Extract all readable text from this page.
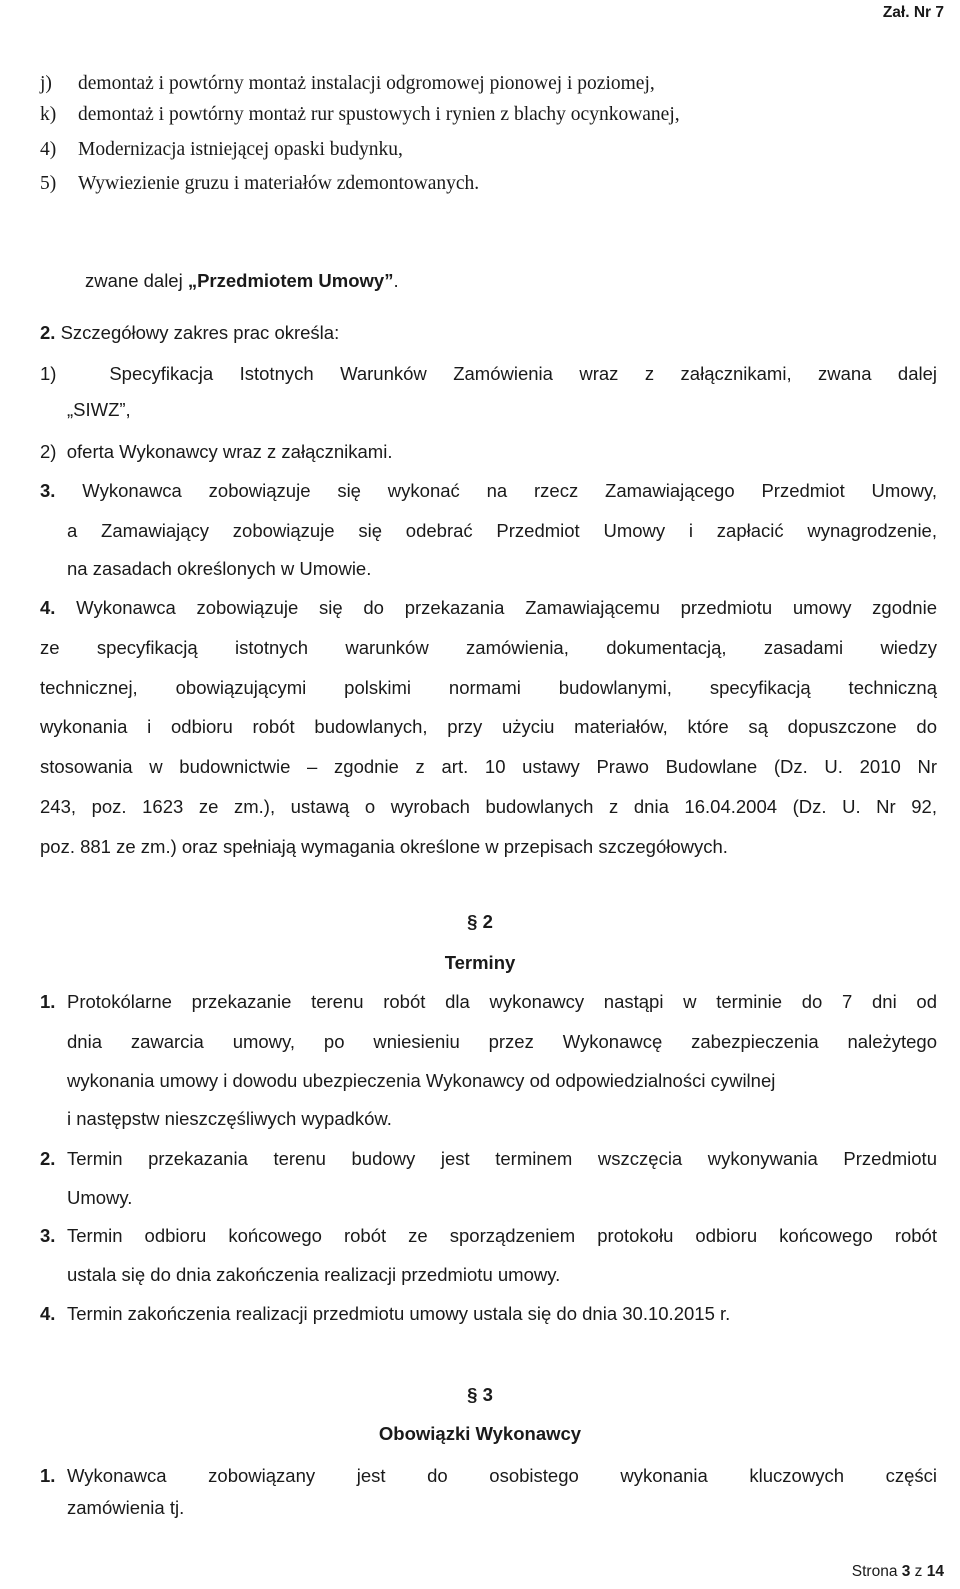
Zał. Nr 7
j) demontaż i powtórny montaż instalacji odgromowej pionowej i poziomej,
k) demontaż i powtórny montaż rur spustowych i rynien z blachy ocynkowanej,
4) Modernizacja istniejącej opaski budynku,
5) Wywiezienie gruzu i materiałów zdemontowanych.
zwane dalej „Przedmiotem Umowy”.
2. Szczegółowy zakres prac określa:
1)	Specyfikacja Istotnych Warunków Zamówienia wraz z załącznikami, zwana dalej
„SIWZ”,
2) oferta Wykonawcy wraz z załącznikami.
3. Wykonawca zobowiązuje się wykonać na rzecz Zamawiającego Przedmiot Umowy,
a Zamawiający zobowiązuje się odebrać Przedmiot Umowy i zapłacić wynagrodzenie,
na zasadach określonych w Umowie.
4. Wykonawca zobowiązuje się do przekazania Zamawiającemu przedmiotu umowy zgodnie
ze specyfikacją istotnych warunków zamówienia, dokumentacją, zasadami wiedzy
technicznej, obowiązującymi polskimi normami budowlanymi, specyfikacją techniczną
wykonania i odbioru robót budowlanych, przy użyciu materiałów, które są dopuszczone do
stosowania w budownictwie – zgodnie z art. 10 ustawy Prawo Budowlane (Dz. U. 2010 Nr
243, poz. 1623 ze zm.), ustawą o wyrobach budowlanych z dnia 16.04.2004 (Dz. U. Nr 92,
poz. 881 ze zm.) oraz spełniają wymagania określone w przepisach szczegółowych.
§ 2
Terminy
1. Protokólarne przekazanie terenu robót dla wykonawcy nastąpi w terminie do 7 dni od
dnia zawarcia umowy, po wniesieniu przez Wykonawcę zabezpieczenia należytego
wykonania umowy i dowodu ubezpieczenia Wykonawcy od odpowiedzialności cywilnej
i następstw nieszczęśliwych wypadków.
2. Termin przekazania terenu budowy jest terminem wszczęcia wykonywania Przedmiotu
Umowy.
3. Termin odbioru końcowego robót ze sporządzeniem protokołu odbioru końcowego robót
ustala się do dnia zakończenia realizacji przedmiotu umowy.
4. Termin zakończenia realizacji przedmiotu umowy ustala się do dnia 30.10.2015 r.
§ 3
Obowiązki Wykonawcy
1. Wykonawca zobowiązany jest do osobistego wykonania kluczowych części
zamówienia tj.
Strona 3 z 14
